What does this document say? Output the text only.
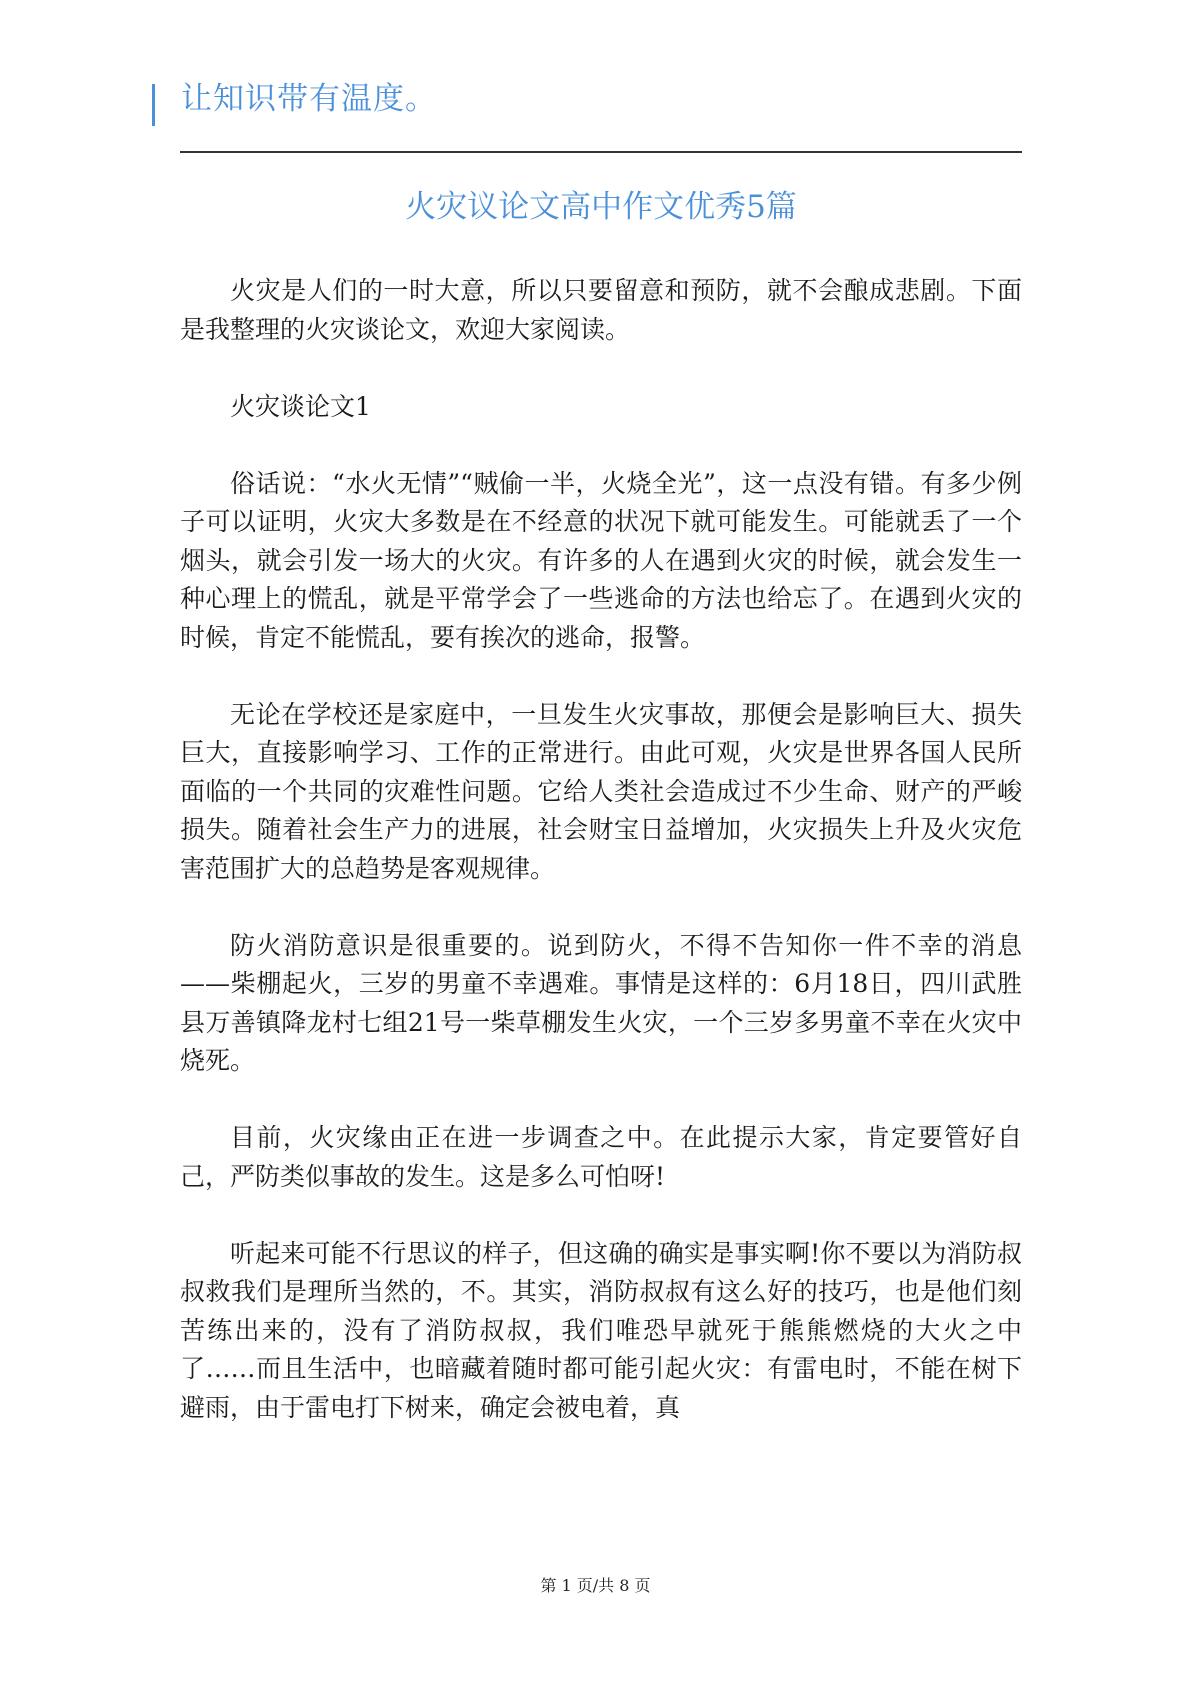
让知识带有温度。
火灾议论文高中作文优秀5篇

火灾是人们的一时大意，所以只要留意和预防，就不会酿成悲剧。下面是我整理的火灾谈论文，欢迎大家阅读。

火灾谈论文1

俗话说：“水火无情”“贼偷一半，火烧全光”，这一点没有错。有多少例子可以证明，火灾大多数是在不经意的状况下就可能发生。可能就丢了一个烟头，就会引发一场大的火灾。有许多的人在遇到火灾的时候，就会发生一种心理上的慌乱，就是平常学会了一些逃命的方法也给忘了。在遇到火灾的时候，肯定不能慌乱，要有挨次的逃命，报警。

无论在学校还是家庭中，一旦发生火灾事故，那便会是影响巨大、损失巨大，直接影响学习、工作的正常进行。由此可观，火灾是世界各国人民所面临的一个共同的灾难性问题。它给人类社会造成过不少生命、财产的严峻损失。随着社会生产力的进展，社会财宝日益增加，火灾损失上升及火灾危害范围扩大的总趋势是客观规律。

防火消防意识是很重要的。说到防火，不得不告知你一件不幸的消息——柴棚起火，三岁的男童不幸遇难。事情是这样的：6月18日，四川武胜县万善镇降龙村七组21号一柴草棚发生火灾，一个三岁多男童不幸在火灾中烧死。

目前，火灾缘由正在进一步调查之中。在此提示大家，肯定要管好自己，严防类似事故的发生。这是多么可怕呀!

听起来可能不行思议的样子，但这确的确实是事实啊!你不要以为消防叔叔救我们是理所当然的，不。其实，消防叔叔有这么好的技巧，也是他们刻苦练出来的，没有了消防叔叔，我们唯恐早就死于熊熊燃烧的大火之中了……而且生活中，也暗藏着随时都可能引起火灾：有雷电时，不能在树下避雨，由于雷电打下树来，确定会被电着，真

第 1 页/共 8 页
